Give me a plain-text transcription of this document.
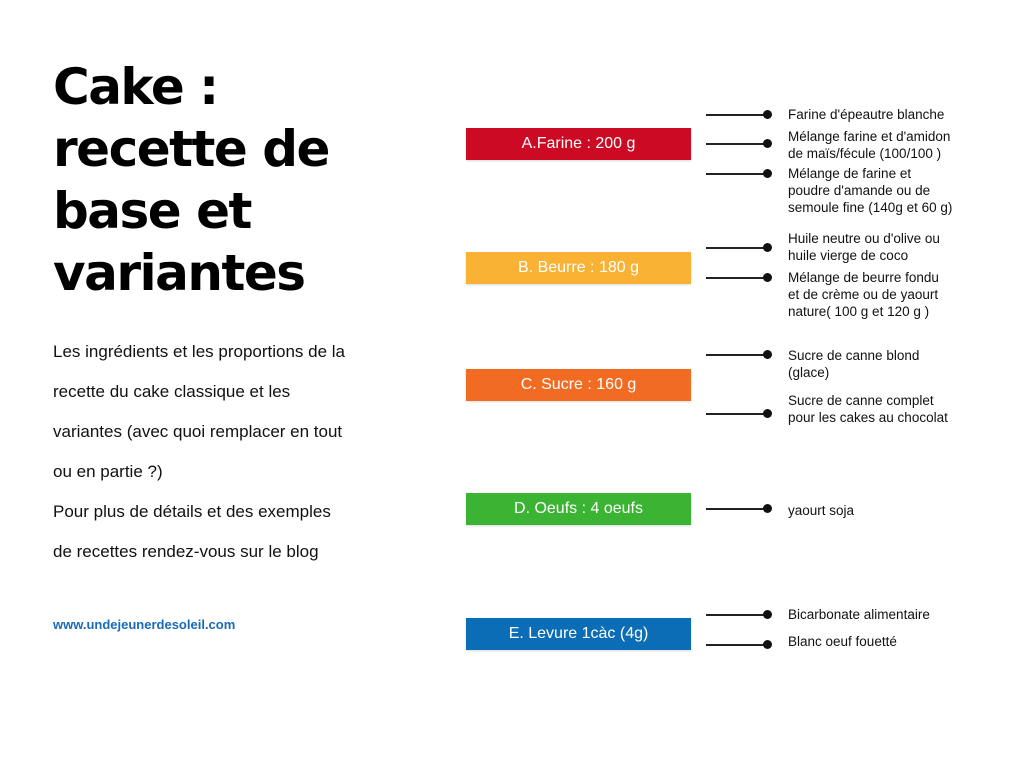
Cake : recette de base et variantes

Les ingrédients et les proportions de la recette du cake classique et les variantes (avec quoi remplacer en tout ou en partie ?)

Pour plus de détails et des exemples de recettes rendez-vous sur le blog

www.undejeunerdesoleil.com
A.Farine : 200 g
Farine d'épeautre blanche
Mélange farine et d'amidon
de maïs/fécule (100/100 )
Mélange de farine et
poudre d'amande ou de
semoule fine (140g et 60 g)
B. Beurre : 180 g
Huile neutre ou d'olive ou
huile vierge de coco
Mélange de beurre fondu
et de crème ou de yaourt
nature( 100 g et 120 g )
C. Sucre : 160 g
Sucre de canne blond
(glace)
Sucre de canne complet
pour les cakes au chocolat
D. Oeufs : 4 oeufs	yaourt soja
E. Levure 1càc (4g)
Bicarbonate alimentaire
Blanc oeuf fouetté
